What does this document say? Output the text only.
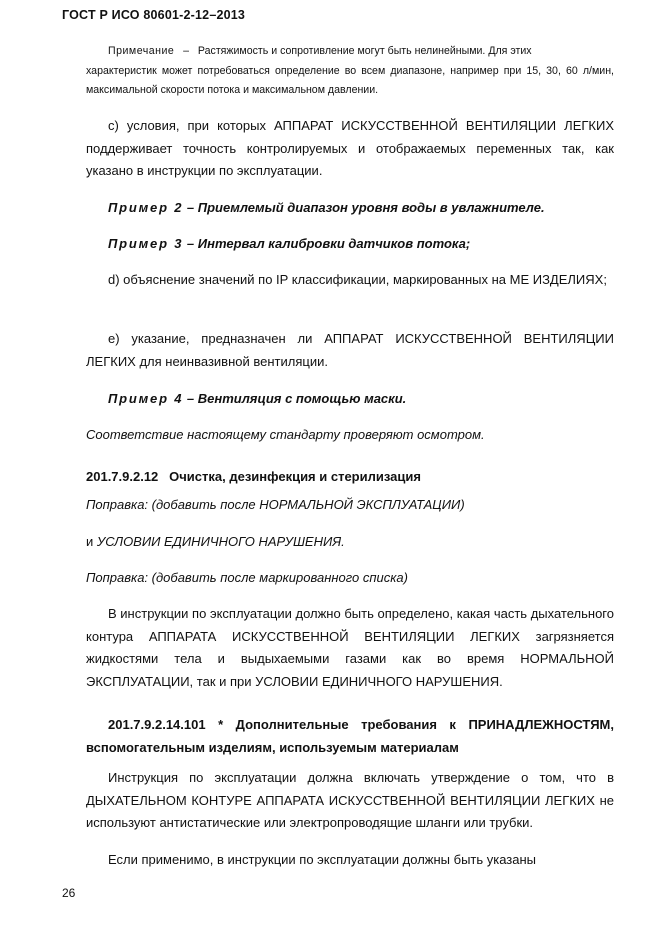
ГОСТ Р ИСО 80601-2-12–2013

Примечание – Растяжимость и сопротивление могут быть нелинейными. Для этих

характеристик может потребоваться определение во всем диапазоне, например при 15, 30, 60 л/мин, максимальной скорости потока и максимальном давлении.

c) условия, при которых АППАРАТ ИСКУССТВЕННОЙ ВЕНТИЛЯЦИИ ЛЕГКИХ поддерживает точность контролируемых и отображаемых переменных так, как указано в инструкции по эксплуатации.

Пример 2 – Приемлемый диапазон уровня воды в увлажнителе.

Пример 3 – Интервал калибровки датчиков потока;

d) объяснение значений по IP классификации, маркированных на ME ИЗДЕЛИЯХ;

e) указание, предназначен ли АППАРАТ ИСКУССТВЕННОЙ ВЕНТИЛЯЦИИ ЛЕГКИХ для неинвазивной вентиляции.

Пример 4 – Вентиляция с помощью маски.

Соответствие настоящему стандарту проверяют осмотром.

201.7.9.2.12 Очистка, дезинфекция и стерилизация

Поправка: (добавить после НОРМАЛЬНОЙ ЭКСПЛУАТАЦИИ)

и УСЛОВИИ ЕДИНИЧНОГО НАРУШЕНИЯ.

Поправка: (добавить после маркированного списка)

В инструкции по эксплуатации должно быть определено, какая часть дыхательного контура АППАРАТА ИСКУССТВЕННОЙ ВЕНТИЛЯЦИИ ЛЕГКИХ загрязняется жидкостями тела и выдыхаемыми газами как во время НОРМАЛЬНОЙ ЭКСПЛУАТАЦИИ, так и при УСЛОВИИ ЕДИНИЧНОГО НАРУШЕНИЯ.

201.7.9.2.14.101 * Дополнительные требования к ПРИНАДЛЕЖНОСТЯМ, вспомогательным изделиям, используемым материалам

Инструкция по эксплуатации должна включать утверждение о том, что в ДЫХАТЕЛЬНОМ КОНТУРЕ АППАРАТА ИСКУССТВЕННОЙ ВЕНТИЛЯЦИИ ЛЕГКИХ не используют антистатические или электропроводящие шланги или трубки.

Если применимо, в инструкции по эксплуатации должны быть указаны

26
